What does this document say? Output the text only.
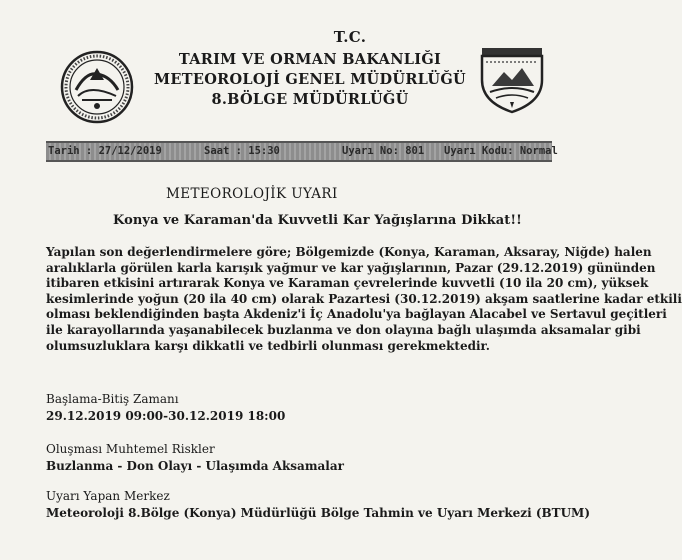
T.C.
TARIM VE ORMAN BAKANLIĞI
METEOROLOJİ GENEL MÜDÜRLÜĞÜ
8.BÖLGE MÜDÜRLÜĞÜ
Tarih : 27/12/2019	Saat : 15:30	Uyarı No: 801 Uyarı Kodu: Normal
METEOROLOJİK UYARI
Konya ve Karaman'da Kuvvetli Kar Yağışlarına Dikkat!!
Yapılan son değerlendirmelere göre; Bölgemizde (Konya, Karaman, Aksaray, Niğde) halen
aralıklarla görülen karla karışık yağmur ve kar yağışlarının, Pazar (29.12.2019) gününden
itibaren etkisini artırarak Konya ve Karaman çevrelerinde kuvvetli (10 ila 20 cm), yüksek
kesimlerinde yoğun (20 ila 40 cm) olarak Pazartesi (30.12.2019) akşam saatlerine kadar etkili
olması beklendiğinden başta Akdeniz'i İç Anadolu'ya bağlayan Alacabel ve Sertavul geçitleri
ile karayollarında yaşanabilecek buzlanma ve don olayına bağlı ulaşımda aksamalar gibi
olumsuzluklara karşı dikkatli ve tedbirli olunması gerekmektedir.
Başlama-Bitiş Zamanı
29.12.2019 09:00-30.12.2019 18:00
Oluşması Muhtemel Riskler
Buzlanma - Don Olayı - Ulaşımda Aksamalar
Uyarı Yapan Merkez
Meteoroloji 8.Bölge (Konya) Müdürlüğü Bölge Tahmin ve Uyarı Merkezi (BTUM)
